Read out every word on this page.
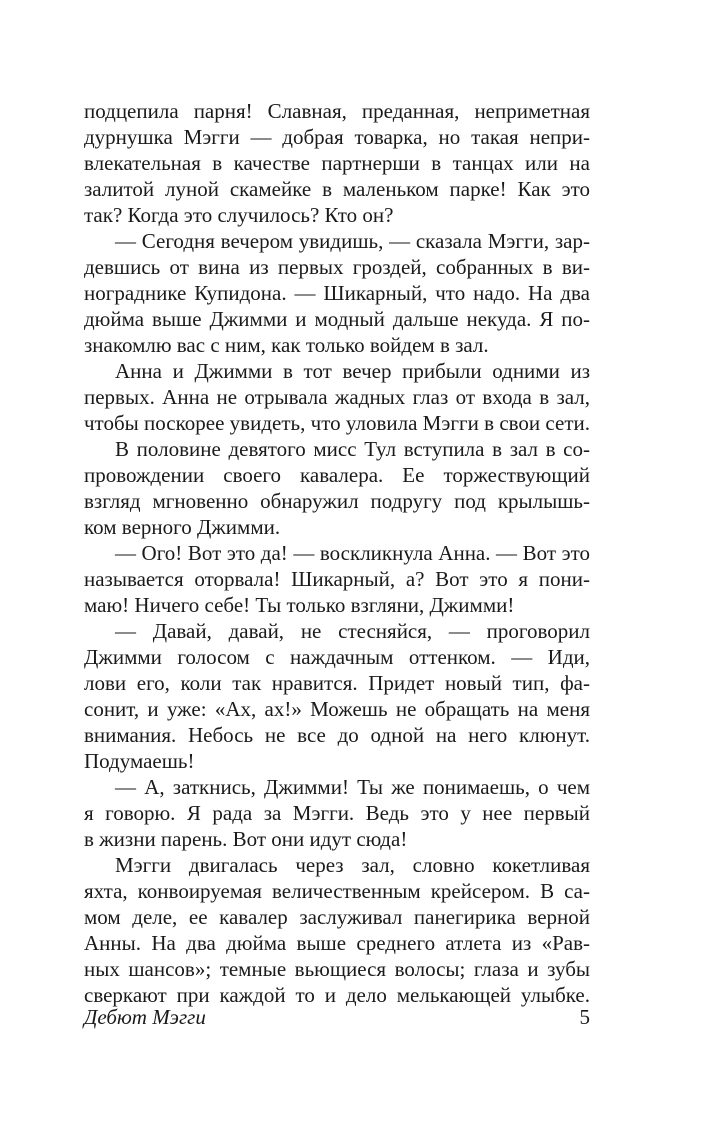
подцепила парня! Славная, преданная, неприметная
дурнушка Мэгги — добрая товарка, но такая непри-
влекательная в качестве партнерши в танцах или на
залитой луной скамейке в маленьком парке! Как это
так? Когда это случилось? Кто он?
— Сегодня вечером увидишь, — сказала Мэгги, зар-
девшись от вина из первых гроздей, собранных в ви-
нограднике Купидона. — Шикарный, что надо. На два
дюйма выше Джимми и модный дальше некуда. Я по-
знакомлю вас с ним, как только войдем в зал.
Анна и Джимми в тот вечер прибыли одними из
первых. Анна не отрывала жадных глаз от входа в зал,
чтобы поскорее увидеть, что уловила Мэгги в свои сети.
В половине девятого мисс Тул вступила в зал в со-
провождении своего кавалера. Ее торжествующий
взгляд мгновенно обнаружил подругу под крылышь-
ком верного Джимми.
— Ого! Вот это да! — воскликнула Анна. — Вот это
называется оторвала! Шикарный, а? Вот это я пони-
маю! Ничего себе! Ты только взгляни, Джимми!
— Давай, давай, не стесняйся, — проговорил
Джимми голосом с наждачным оттенком. — Иди,
лови его, коли так нравится. Придет новый тип, фа-
сонит, и уже: «Ах, ах!» Можешь не обращать на меня
внимания. Небось не все до одной на него клюнут.
Подумаешь!
— А, заткнись, Джимми! Ты же понимаешь, о чем
я говорю. Я рада за Мэгги. Ведь это у нее первый
в жизни парень. Вот они идут сюда!
Мэгги двигалась через зал, словно кокетливая
яхта, конвоируемая величественным крейсером. В са-
мом деле, ее кавалер заслуживал панегирика верной
Анны. На два дюйма выше среднего атлета из «Рав-
ных шансов»; темные вьющиеся волосы; глаза и зубы
сверкают при каждой то и дело мелькающей улыбке.
Дебют Мэгги	5
